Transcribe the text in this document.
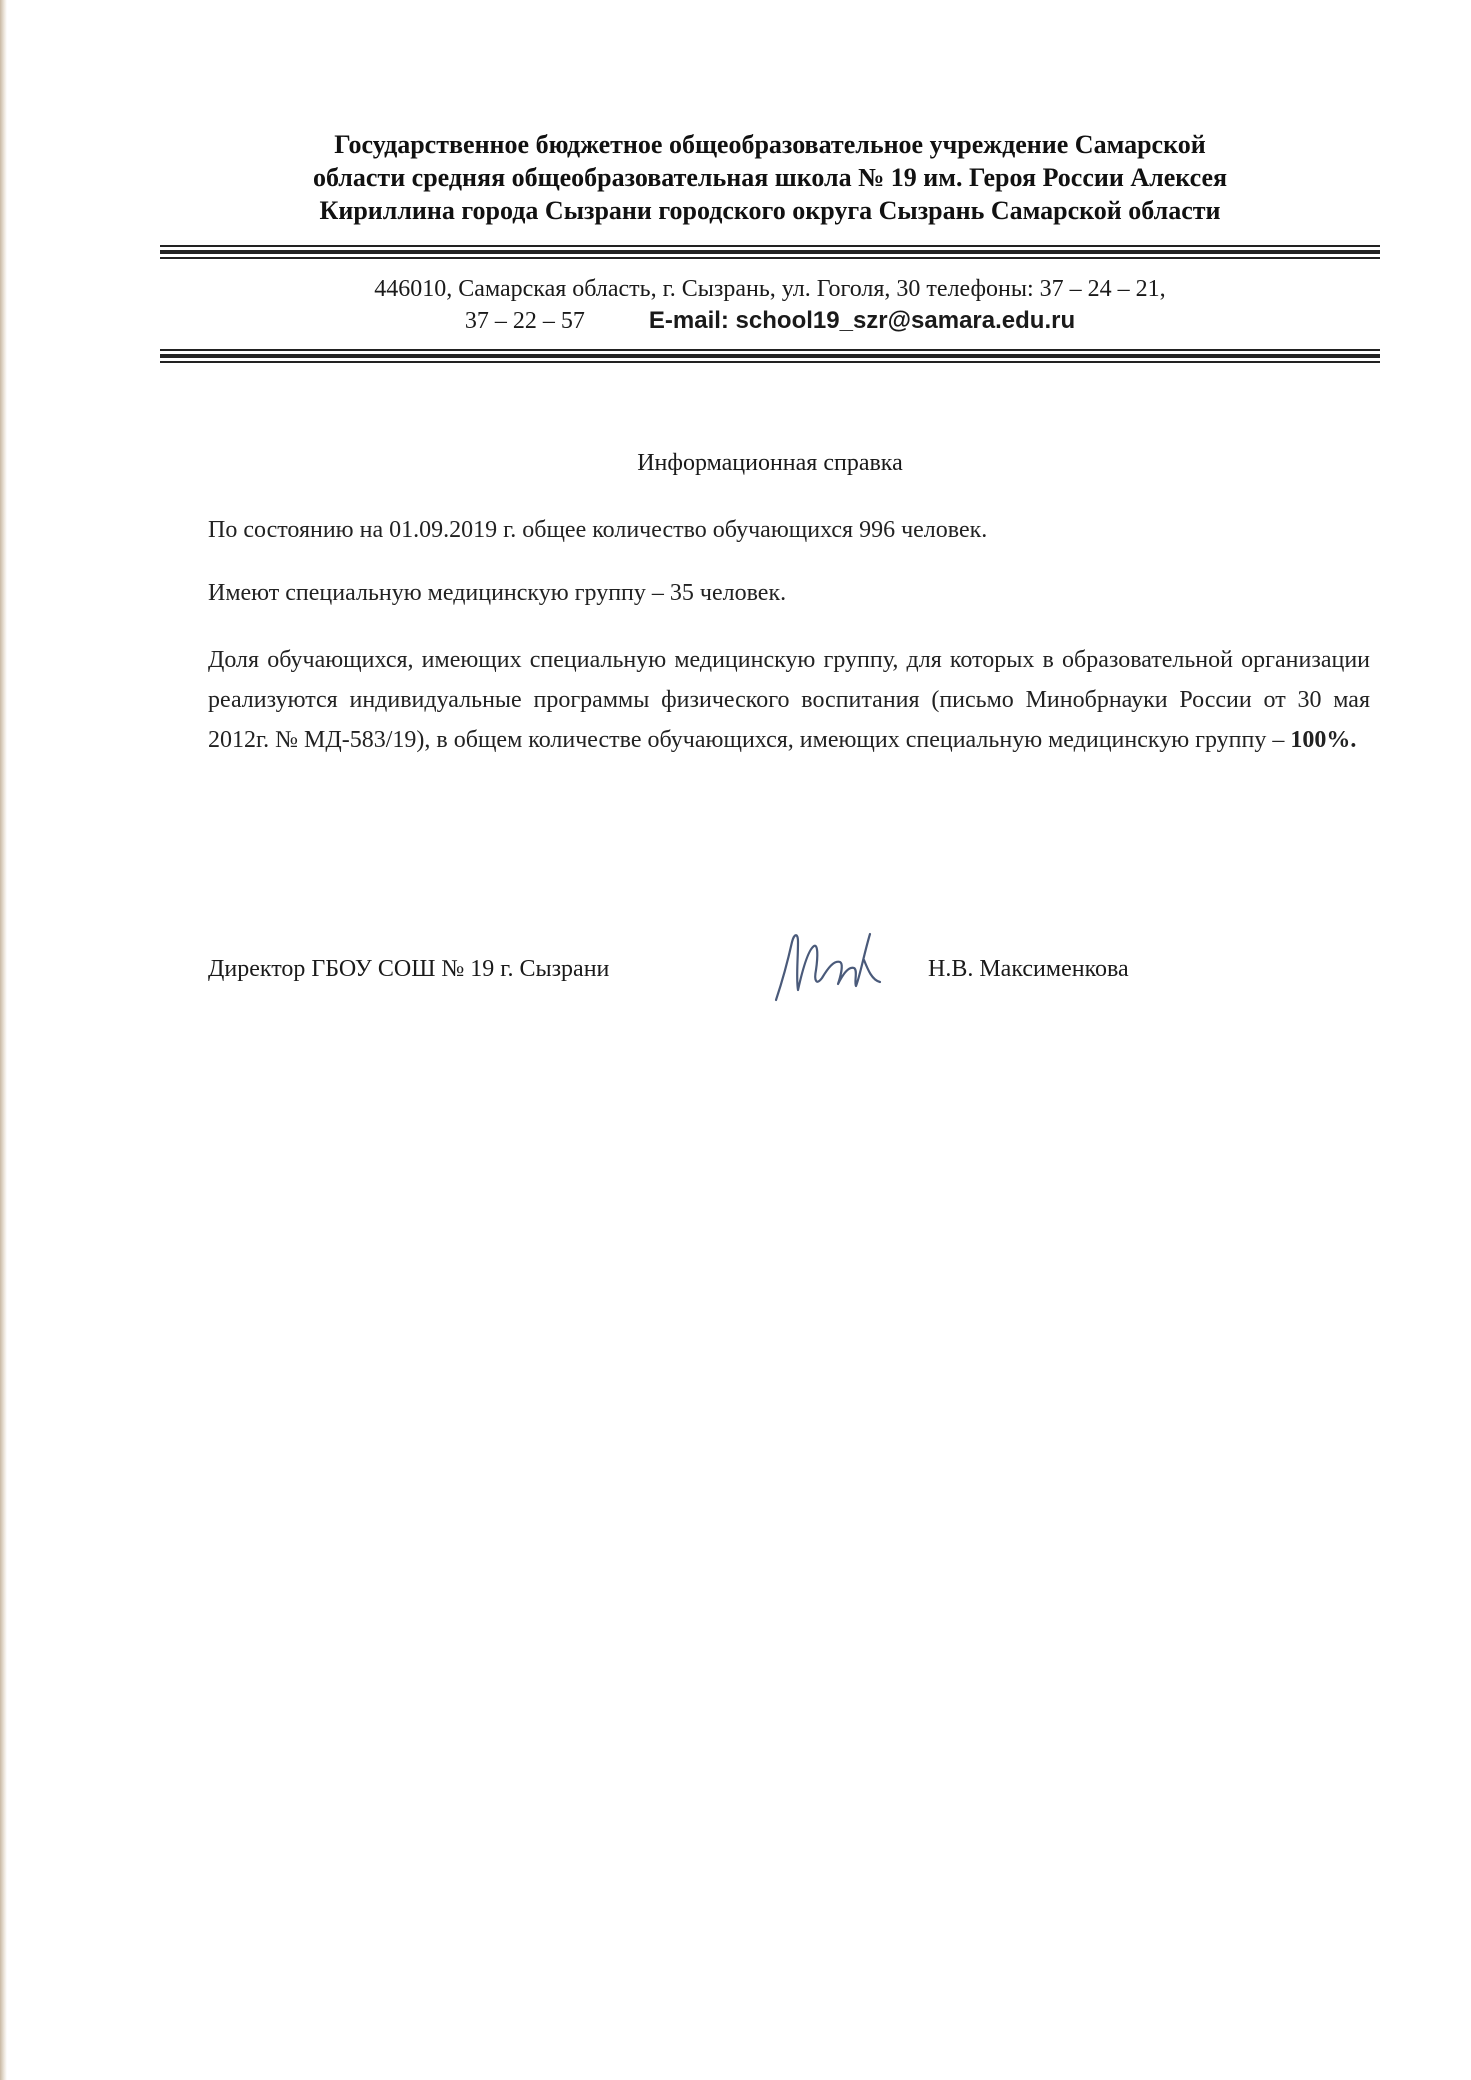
Государственное бюджетное общеобразовательное учреждение Самарской
области средняя общеобразовательная школа № 19 им. Героя России Алексея
Кириллина города Сызрани городского округа Сызрань Самарской области
446010, Самарская область, г. Сызрань, ул. Гоголя, 30 телефоны: 37 – 24 – 21,
37 – 22 – 57	E-mail: school19_szr@samara.edu.ru
Информационная справка
По состоянию на 01.09.2019 г. общее количество обучающихся 996 человек.
Имеют специальную медицинскую группу – 35 человек.
Доля обучающихся, имеющих специальную медицинскую группу, для которых в образовательной организации реализуются индивидуальные программы физического воспитания (письмо Минобрнауки России от 30 мая 2012г. № МД-583/19), в общем количестве обучающихся, имеющих специальную медицинскую группу – 100%.
Директор ГБОУ СОШ № 19 г. Сызрани	Н.В. Максименкова
